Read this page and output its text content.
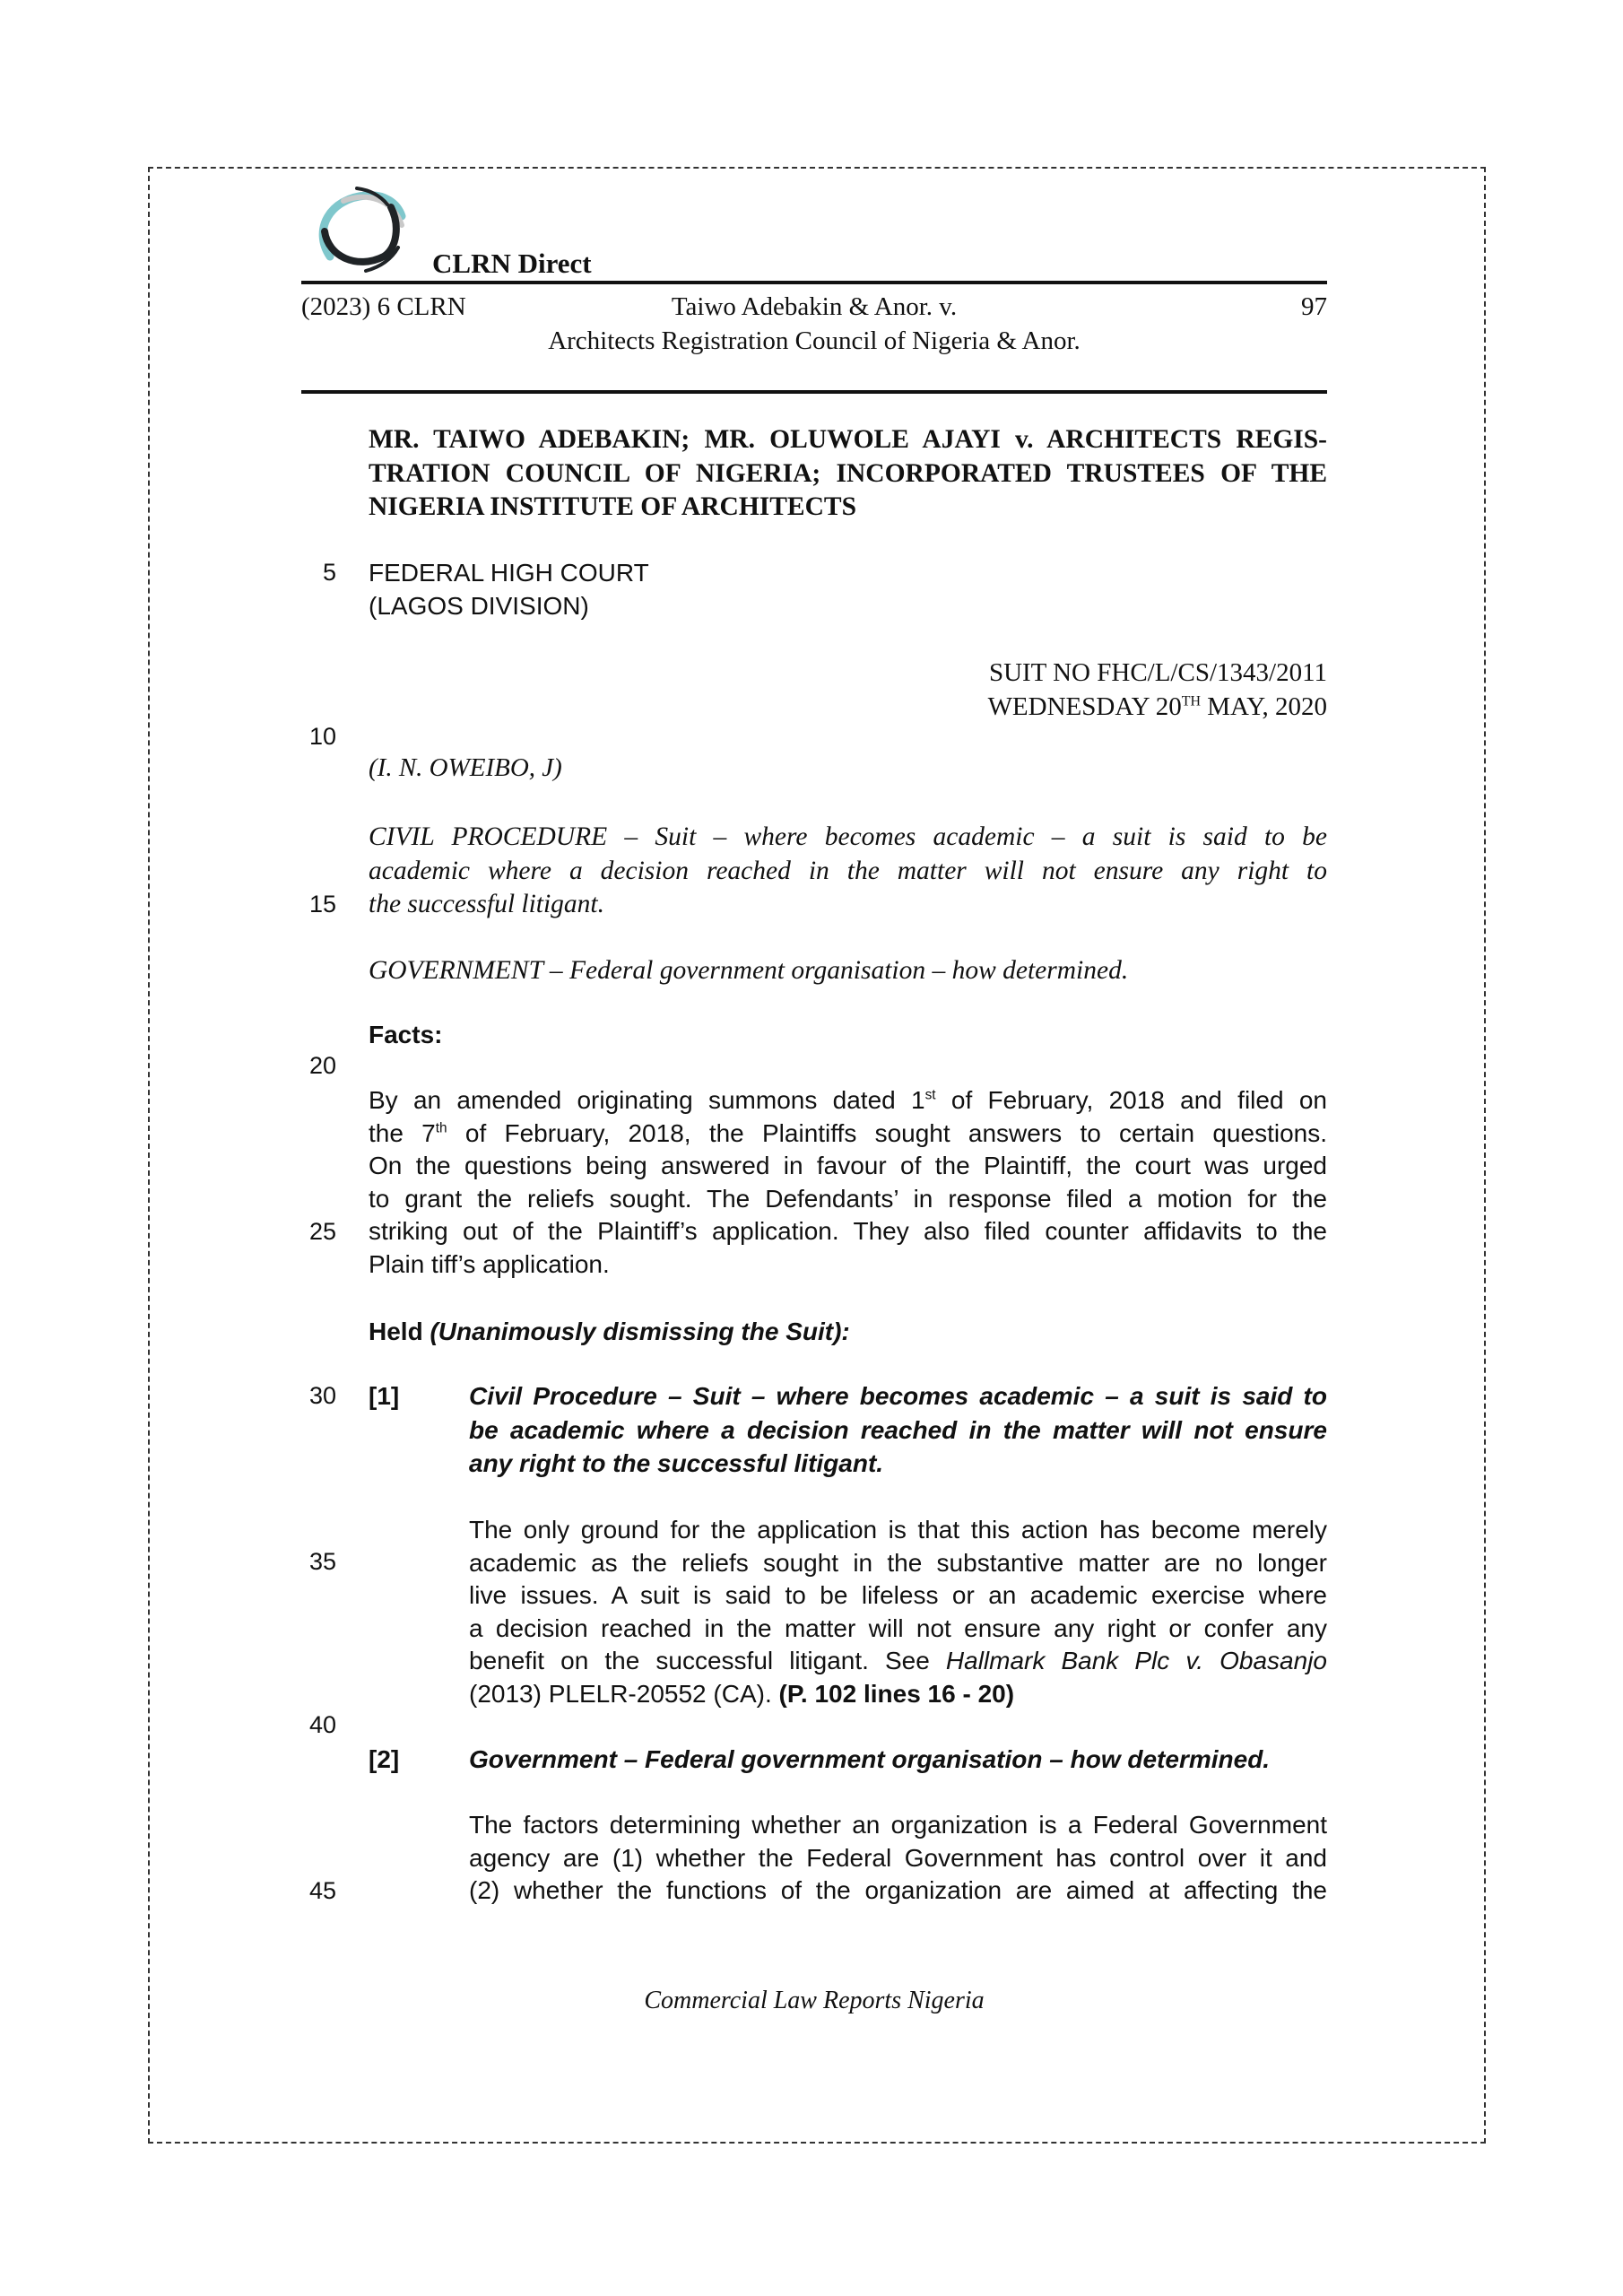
CLRN Direct
(2023) 6 CLRN	Taiwo Adebakin & Anor. v.
Architects Registration Council of Nigeria & Anor.
97
MR. TAIWO ADEBAKIN; MR. OLUWOLE AJAYI v. ARCHITECTS REGIS-
TRATION COUNCIL OF NIGERIA; INCORPORATED TRUSTEES OF THE
NIGERIA INSTITUTE OF ARCHITECTS
5
10
15
20
25
30
35
40
45
FEDERAL HIGH COURT
(LAGOS DIVISION)
SUIT NO FHC/L/CS/1343/2011
WEDNESDAY 20TH MAY, 2020
(I. N. OWEIBO, J)
CIVIL PROCEDURE – Suit – where becomes academic – a suit is said to be
academic where a decision reached in the matter will not ensure any right to
the successful litigant.
GOVERNMENT – Federal government organisation – how determined.
Facts:
By an amended originating summons dated 1st of February, 2018 and filed on
the 7th of February, 2018, the Plaintiffs sought answers to certain questions.
On the questions being answered in favour of the Plaintiff, the court was urged
to grant the reliefs sought. The Defendants’ in response filed a motion for the
striking out of the Plaintiff’s application. They also filed counter affidavits to the
Plain tiff’s application.
Held (Unanimously dismissing the Suit):
[1]	Civil Procedure – Suit – where becomes academic – a suit is said to
be academic where a decision reached in the matter will not ensure
any right to the successful litigant.
The only ground for the application is that this action has become merely
academic as the reliefs sought in the substantive matter are no longer
live issues. A suit is said to be lifeless or an academic exercise where
a decision reached in the matter will not ensure any right or confer any
benefit on the successful litigant. See Hallmark Bank Plc v. Obasanjo
(2013) PLELR-20552 (CA). (P. 102 lines 16 - 20)
[2]	Government – Federal government organisation – how determined.
The factors determining whether an organization is a Federal Government
agency are (1) whether the Federal Government has control over it and
(2) whether the functions of the organization are aimed at affecting the
Commercial Law Reports Nigeria
